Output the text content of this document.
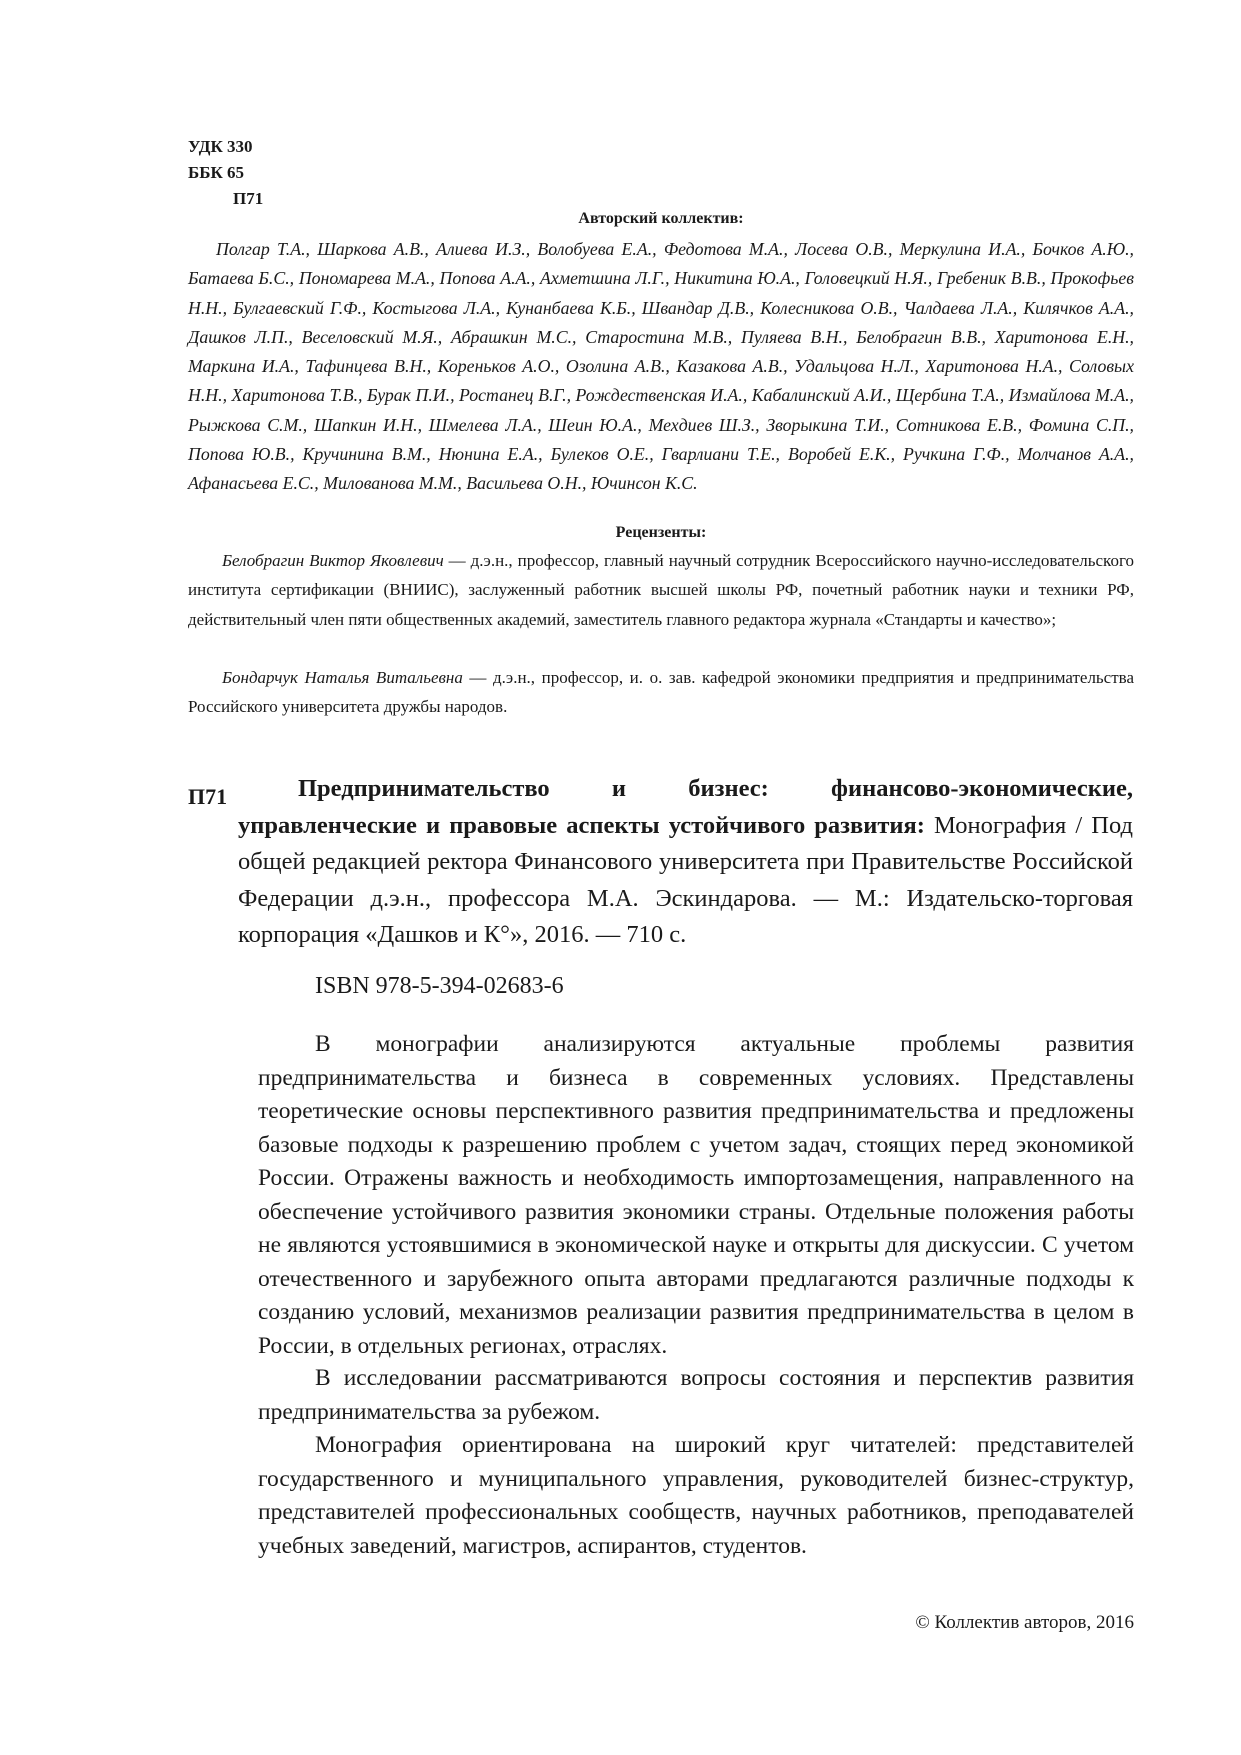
УДК 330
ББК 65
П71
Авторский коллектив:

Полгар Т.А., Шаркова А.В., Алиева И.З., Волобуева Е.А., Федотова М.А., Лосева О.В., Меркулина И.А., Бочков А.Ю., Батаева Б.С., Пономарева М.А., Попова А.А., Ахметшина Л.Г., Никитина Ю.А., Головецкий Н.Я., Гребеник В.В., Прокофьев Н.Н., Булгаевский Г.Ф., Костыгова Л.А., Кунанбаева К.Б., Швандар Д.В., Колесникова О.В., Чалдаева Л.А., Килячков А.А., Дашков Л.П., Веселовский М.Я., Абрашкин М.С., Старостина М.В., Пуляева В.Н., Белобрагин В.В., Харитонова Е.Н., Маркина И.А., Тафинцева В.Н., Кореньков А.О., Озолина А.В., Казакова А.В., Удальцова Н.Л., Харитонова Н.А., Соловых Н.Н., Харитонова Т.В., Бурак П.И., Ростанец В.Г., Рождественская И.А., Кабалинский А.И., Щербина Т.А., Измайлова М.А., Рыжкова С.М., Шапкин И.Н., Шмелева Л.А., Шеин Ю.А., Мехдиев Ш.З., Зворыкина Т.И., Сотникова Е.В., Фомина С.П., Попова Ю.В., Кручинина В.М., Нюнина Е.А., Булеков О.Е., Гварлиани Т.Е., Воробей Е.К., Ручкина Г.Ф., Молчанов А.А., Афанасьева Е.С., Милованова М.М., Васильева О.Н., Ючинсон К.С.

Рецензенты:

Белобрагин Виктор Яковлевич — д.э.н., профессор, главный научный сотрудник Всероссийского научно-исследовательского института сертификации (ВНИИС), заслуженный работник высшей школы РФ, почетный работник науки и техники РФ, действительный член пяти общественных академий, заместитель главного редактора журнала «Стандарты и качество»;

Бондарчук Наталья Витальевна — д.э.н., профессор, и. о. зав. кафедрой экономики предприятия и предпринимательства Российского университета дружбы народов.

П71	Предпринимательство и бизнес: финансово-экономические, управленческие и правовые аспекты устойчивого развития: Монография / Под общей редакцией ректора Финансового университета при Правительстве Российской Федерации д.э.н., профессора М.А. Эскиндарова. — М.: Издательско-торговая корпорация «Дашков и К°», 2016. — 710 с.

ISBN 978-5-394-02683-6

В монографии анализируются актуальные проблемы развития предпринимательства и бизнеса в современных условиях. Представлены теоретические основы перспективного развития предпринимательства и предложены базовые подходы к разрешению проблем с учетом задач, стоящих перед экономикой России. Отражены важность и необходимость импортозамещения, направленного на обеспечение устойчивого развития экономики страны. Отдельные положения работы не являются устоявшимися в экономической науке и открыты для дискуссии. С учетом отечественного и зарубежного опыта авторами предлагаются различные подходы к созданию условий, механизмов реализации развития предпринимательства в целом в России, в отдельных регионах, отраслях.

В исследовании рассматриваются вопросы состояния и перспектив развития предпринимательства за рубежом.

Монография ориентирована на широкий круг читателей: представителей государственного и муниципального управления, руководителей бизнес-структур, представителей профессиональных сообществ, научных работников, преподавателей учебных заведений, магистров, аспирантов, студентов.

© Коллектив авторов, 2016
